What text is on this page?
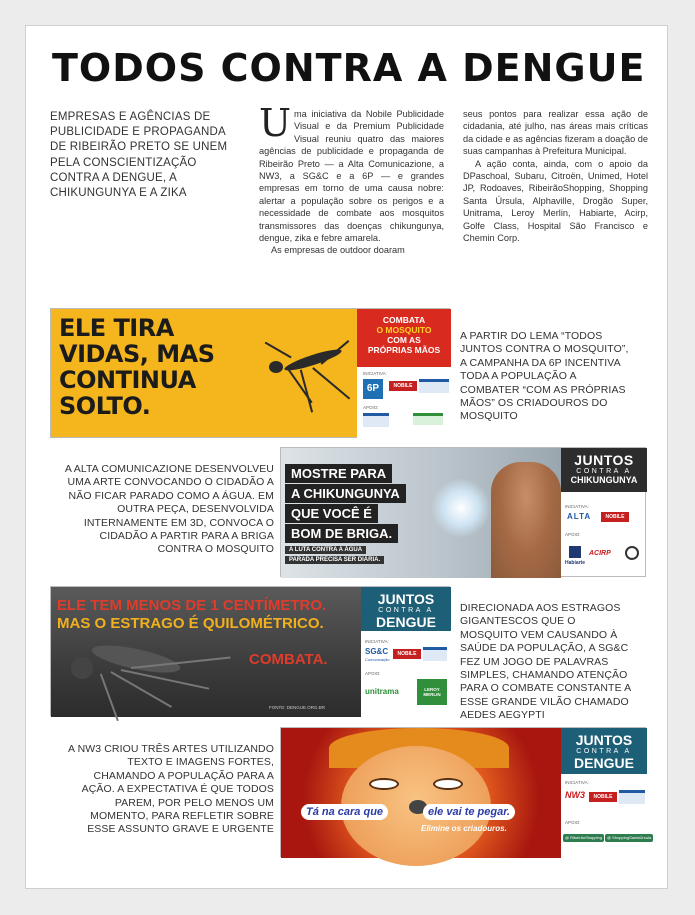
TODOS CONTRA A DENGUE
EMPRESAS E AGÊNCIAS DE PUBLICIDADE E PROPAGANDA DE RIBEIRÃO PRETO SE UNEM PELA CONSCIENTIZAÇÃO CONTRA A DENGUE, A CHIKUNGUNYA E A ZIKA

Uma iniciativa da Nobile Publicidade Visual e da Premium Publicidade Visual reuniu quatro das maiores agências de publicidade e propaganda de Ribeirão Preto — a Alta Comunicazione, a NW3, a SG&C e a 6P — e grandes empresas em torno de uma causa nobre: alertar a população sobre os perigos e a necessidade de combate aos mosquitos transmissores das doenças chikungunya, dengue, zika e febre amarela.

As empresas de outdoor doaram

seus pontos para realizar essa ação de cidadania, até julho, nas áreas mais críticas da cidade e as agências fizeram a doação de suas campanhas à Prefeitura Municipal.

A ação conta, ainda, com o apoio da DPaschoal, Subaru, Citroën, Unimed, Hotel JP, Rodoaves, RibeirãoShopping, Shopping Santa Úrsula, Alphaville, Drogão Super, Unitrama, Leroy Merlin, Habiarte, Acirp, Golfe Class, Hospital São Francisco e Chemin Corp.

ELE TIRA VIDAS, MAS CONTINUA SOLTO.
COMBATA
O MOSQUITO
COM AS
PRÓPRIAS MÃOS
INICIATIVA:
6P	NOBILE
APOIO:
A PARTIR DO LEMA “TODOS JUNTOS CONTRA O MOSQUITO”, A CAMPANHA DA 6P INCENTIVA TODA A POPULAÇÃO A COMBATER “COM AS PRÓPRIAS MÃOS” OS CRIADOUROS DO MOSQUITO
A ALTA COMUNICAZIONE DESENVOLVEU UMA ARTE CONVOCANDO O CIDADÃO A NÃO FICAR PARADO COMO A ÁGUA. EM OUTRA PEÇA, DESENVOLVIDA INTERNAMENTE EM 3D, CONVOCA O CIDADÃO A PARTIR PARA A BRIGA CONTRA O MOSQUITO
MOSTRE PARA
A CHIKUNGUNYA
QUE VOCÊ É
BOM DE BRIGA.
A LUTA CONTRA A ÁGUA
PARADA PRECISA SER DIÁRIA.
JUNTOS
CONTRA A
CHIKUNGUNYA
INICIATIVA:
ALTA	NOBILE
APOIO:
Habiarte
ACIRP
ELE TEM MENOS DE 1 CENTÍMETRO.
MAS O ESTRAGO É QUILOMÉTRICO.
COMBATA.
FONTE: DENGUE.ORG.BR
JUNTOS
CONTRA A
DENGUE
INICIATIVA:
SG&C
Comunicação
NOBILE
APOIO:
unitrama	LEROY MERLIN
DIRECIONADA AOS ESTRAGOS GIGANTESCOS QUE O MOSQUITO VEM CAUSANDO À SAÚDE DA POPULAÇÃO, A SG&C FEZ UM JOGO DE PALAVRAS SIMPLES, CHAMANDO ATENÇÃO PARA O COMBATE CONSTANTE A ESSE GRANDE VILÃO CHAMADO AEDES AEGYPTI
A NW3 CRIOU TRÊS ARTES UTILIZANDO TEXTO E IMAGENS FORTES, CHAMANDO A POPULAÇÃO PARA A AÇÃO. A EXPECTATIVA É QUE TODOS PAREM, POR PELO MENOS UM MOMENTO, PARA REFLETIR SOBRE ESSE ASSUNTO GRAVE E URGENTE
Tá na cara que	ele vai te pegar.
Elimine os criadouros.
JUNTOS
CONTRA A
DENGUE
INICIATIVA:
NW3	NOBILE
APOIO:
@ RibeirãoShopping	@ ShoppingSantaÚrsula
